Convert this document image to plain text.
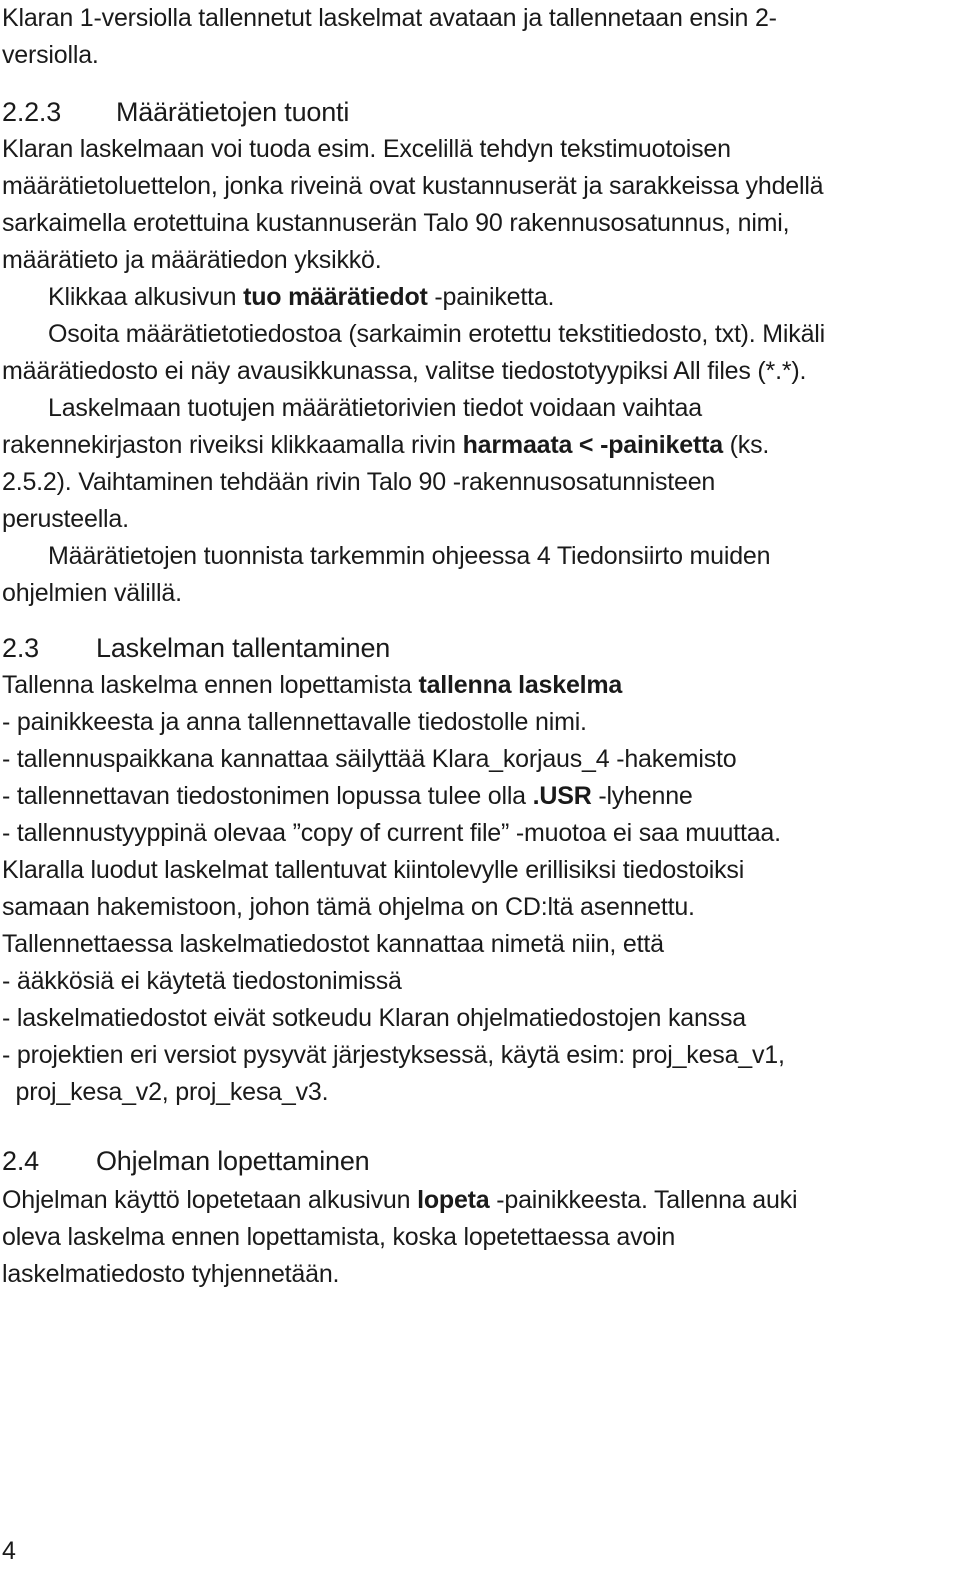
Klaran 1-versiolla tallennetut laskelmat avataan ja tallennetaan ensin 2-

versiolla.

2.2.3 Määrätietojen tuonti

Klaran laskelmaan voi tuoda esim. Excelillä tehdyn tekstimuotoisen

määrätietoluettelon, jonka riveinä ovat kustannuserät ja sarakkeissa yhdellä

sarkaimella erotettuina kustannuserän Talo 90 rakennusosatunnus, nimi,

määrätieto ja määrätiedon yksikkö.

Klikkaa alkusivun tuo määrätiedot -painiketta.

Osoita määrätietotiedostoa (sarkaimin erotettu tekstitiedosto, txt). Mikäli

määrätiedosto ei näy avausikkunassa, valitse tiedostotyypiksi All files (*.*).

Laskelmaan tuotujen määrätietorivien tiedot voidaan vaihtaa

rakennekirjaston riveiksi klikkaamalla rivin harmaata < -painiketta (ks.

2.5.2). Vaihtaminen tehdään rivin Talo 90 -rakennusosatunnisteen

perusteella.

Määrätietojen tuonnista tarkemmin ohjeessa 4 Tiedonsiirto muiden

ohjelmien välillä.

2.3 Laskelman tallentaminen

Tallenna laskelma ennen lopettamista tallenna laskelma

- painikkeesta ja anna tallennettavalle tiedostolle nimi.

- tallennuspaikkana kannattaa säilyttää Klara_korjaus_4 -hakemisto

- tallennettavan tiedostonimen lopussa tulee olla .USR -lyhenne

- tallennustyyppinä olevaa ”copy of current file” -muotoa ei saa muuttaa.

Klaralla luodut laskelmat tallentuvat kiintolevylle erillisiksi tiedostoiksi

samaan hakemistoon, johon tämä ohjelma on CD:ltä asennettu.

Tallennettaessa laskelmatiedostot kannattaa nimetä niin, että

- ääkkösiä ei käytetä tiedostonimissä

- laskelmatiedostot eivät sotkeudu Klaran ohjelmatiedostojen kanssa

- projektien eri versiot pysyvät järjestyksessä, käytä esim: proj_kesa_v1,

proj_kesa_v2, proj_kesa_v3.

2.4 Ohjelman lopettaminen

Ohjelman käyttö lopetetaan alkusivun lopeta -painikkeesta. Tallenna auki

oleva laskelma ennen lopettamista, koska lopetettaessa avoin

laskelmatiedosto tyhjennetään.

4
